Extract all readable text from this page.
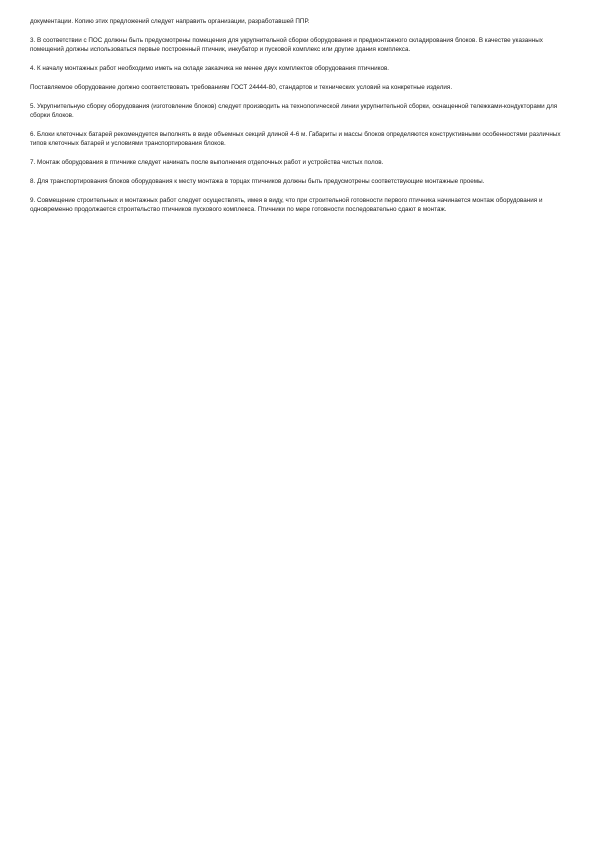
документации. Копию этих предложений следует направить организации, разработавшей ППР.

3. В соответствии с ПОС должны быть предусмотрены помещения для укрупнительной сборки оборудования и предмонтажного складирования блоков. В качестве указанных помещений должны использоваться первые построенный птичник, инкубатор и пусковой комплекс или другие здания комплекса.

4. К началу монтажных работ необходимо иметь на складе заказчика не менее двух комплектов оборудования птичников.

Поставляемое оборудование должно соответствовать требованиям ГОСТ 24444-80, стандартов и технических условий на конкретные изделия.

5. Укрупнительную сборку оборудования (изготовление блоков) следует производить на технологической линии укрупнительной сборки, оснащенной тележками-кондукторами для сборки блоков.

6. Блоки клеточных батарей рекомендуется выполнять в виде объемных секций длиной 4-6 м. Габариты и массы блоков определяются конструктивными особенностями различных типов клеточных батарей и условиями транспортирования блоков.

7. Монтаж оборудования в птичнике следует начинать после выполнения отделочных работ и устройства чистых полов.

8. Для транспортирования блоков оборудования к месту монтажа в торцах птичников должны быть предусмотрены соответствующие монтажные проемы.

9. Совмещение строительных и монтажных работ следует осуществлять, имея в виду, что при строительной готовности первого птичника начинается монтаж оборудования и одновременно продолжается строительство птичников пускового комплекса. Птичники по мере готовности последовательно сдают в монтаж.
